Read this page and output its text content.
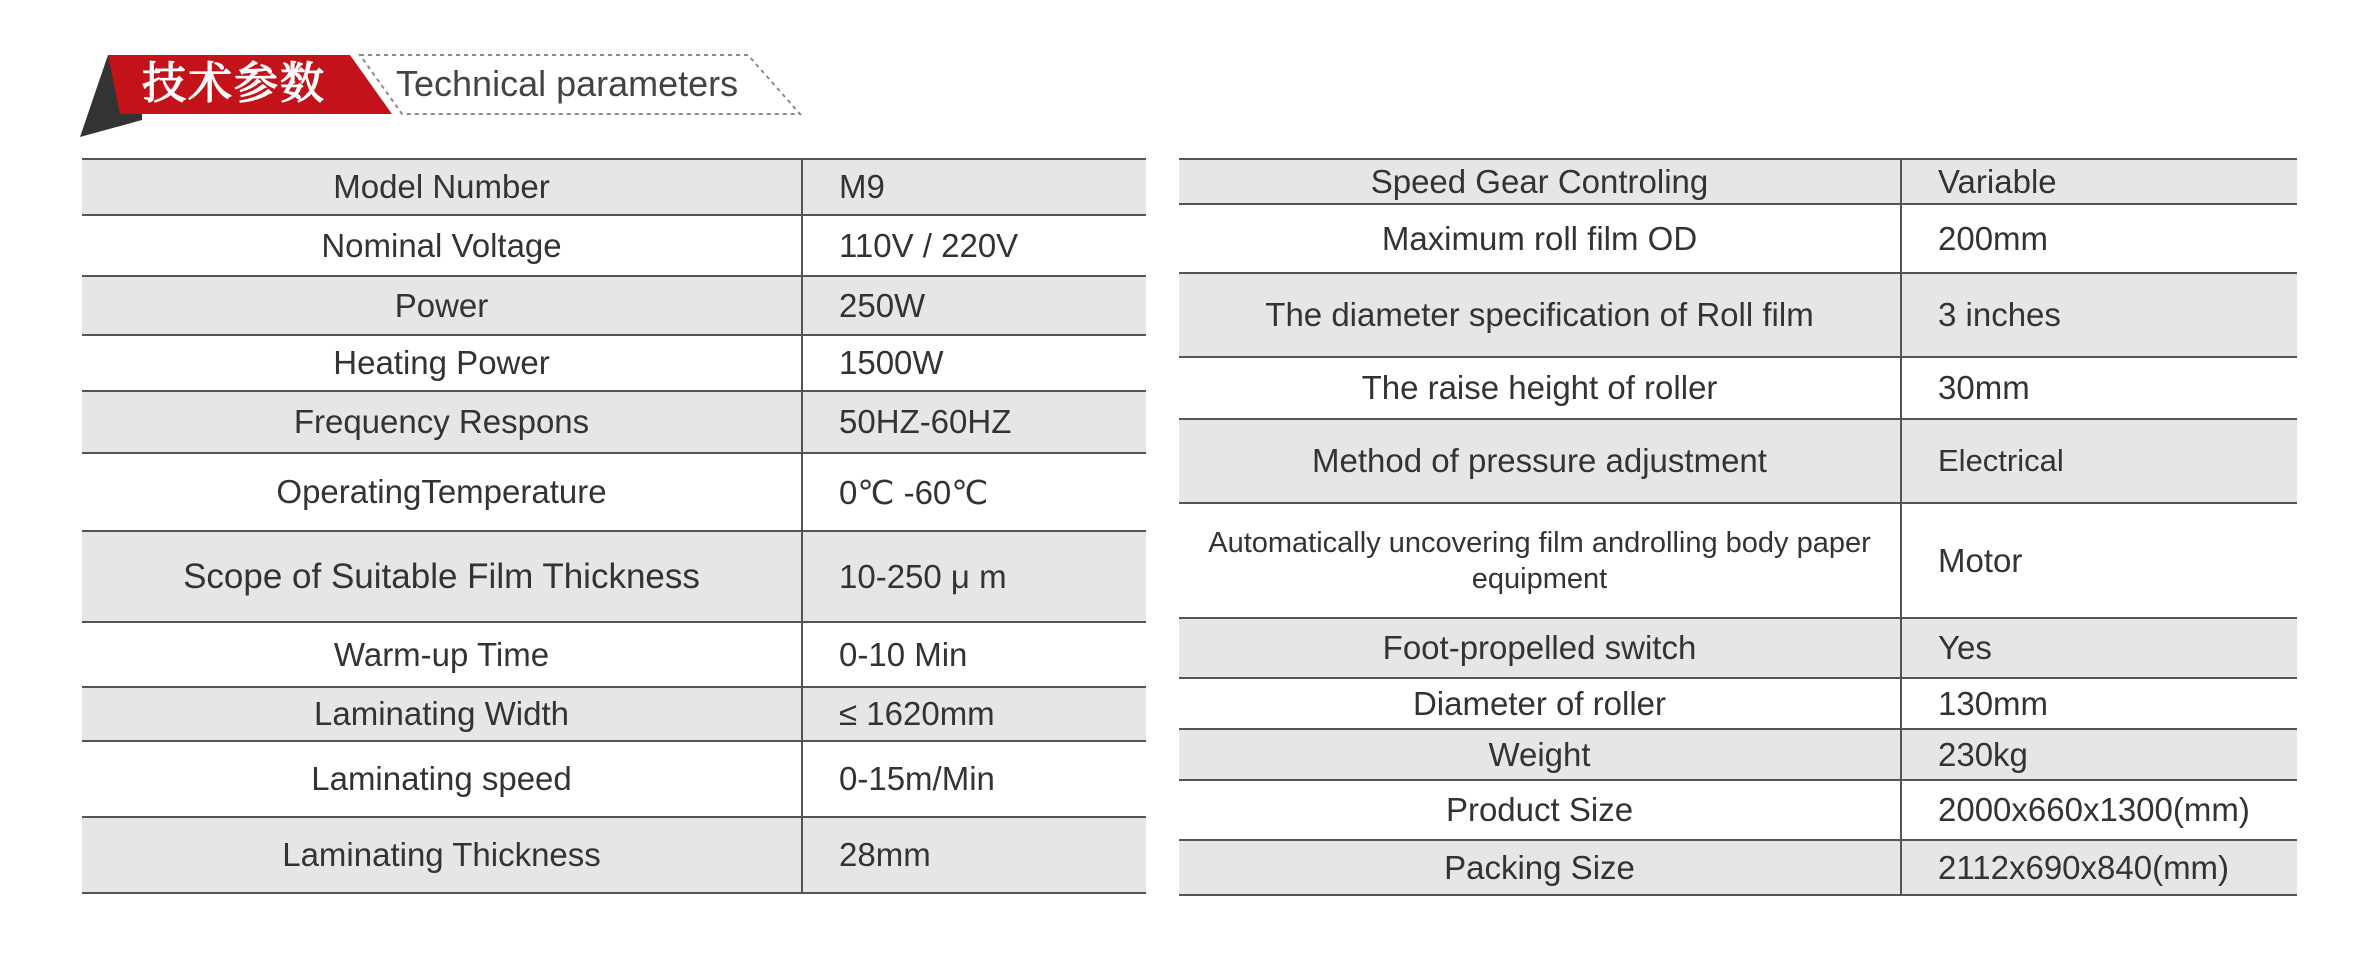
技术参数 Technical parameters
Model Number	M9
Nominal Voltage	110V / 220V
Power	250W
Heating Power	1500W
Frequency Respons	50HZ-60HZ
OperatingTemperature	0℃ -60℃
Scope of Suitable Film Thickness	10-250 μ m
Warm-up Time	0-10 Min
Laminating Width	≤ 1620mm
Laminating speed	0-15m/Min
Laminating Thickness	28mm
Speed Gear Controling	Variable
Maximum roll film OD	200mm
The diameter specification of Roll film	3 inches
The raise height of roller	30mm
Method of pressure adjustment	Electrical
Automatically uncovering film androlling body paper equipment	Motor
Foot-propelled switch	Yes
Diameter of roller	130mm
Weight	230kg
Product Size	2000x660x1300(mm)
Packing Size	2112x690x840(mm)
